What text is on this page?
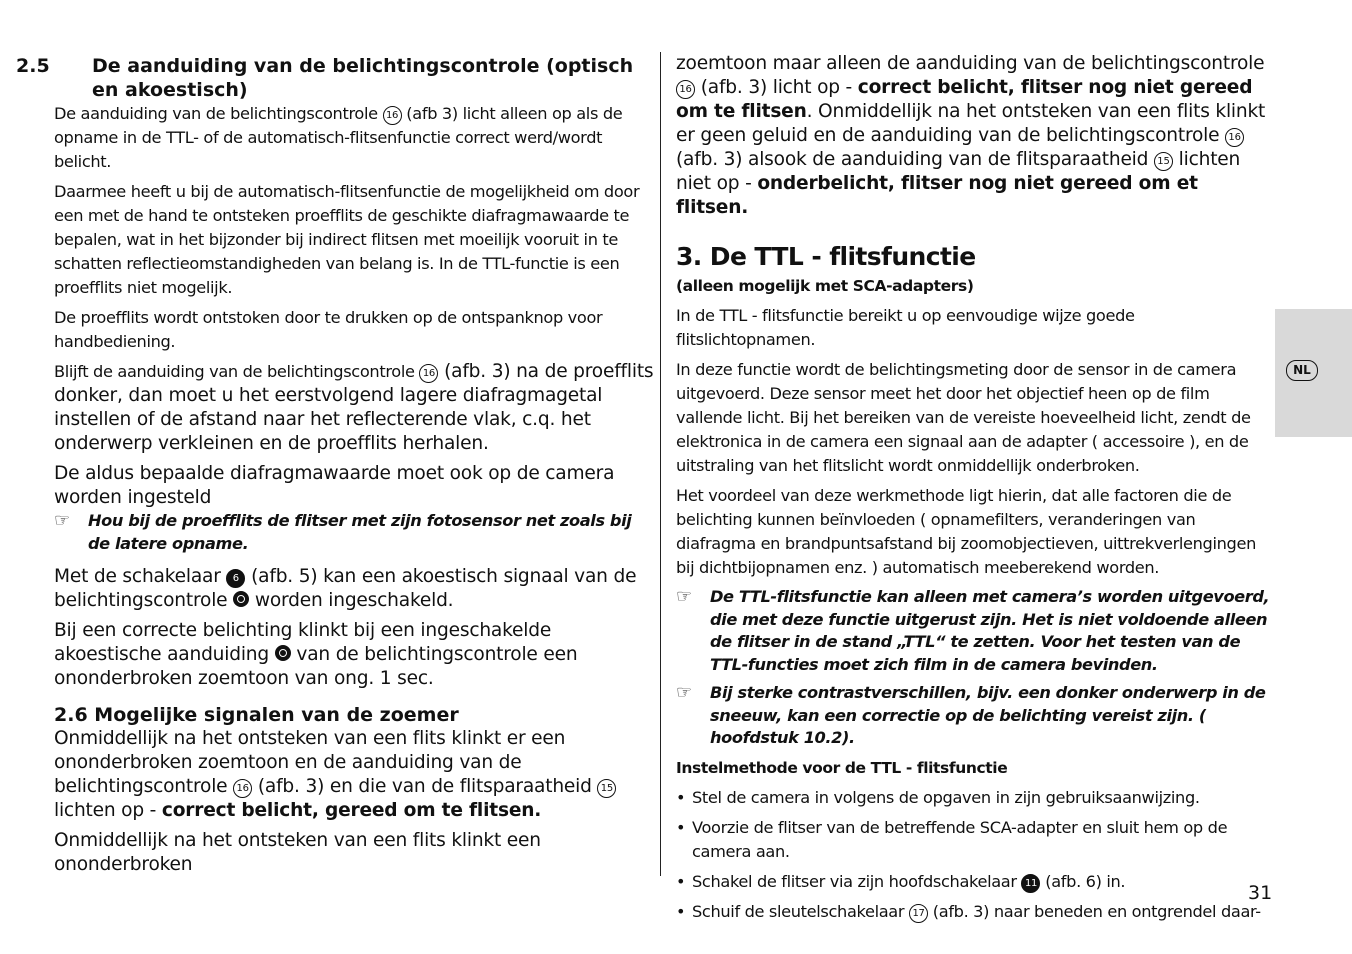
2.5 De aanduiding van de belichtingscontrole (optisch en akoestisch)

De aanduiding van de belichtingscontrole 16 (afb 3) licht alleen op als de opname in de TTL- of de automatisch-flitsenfunctie correct werd/wordt belicht.

Daarmee heeft u bij de automatisch-flitsenfunctie de mogelijkheid om door een met de hand te ontsteken proefflits de geschikte diafragmawaarde te bepalen, wat in het bijzonder bij indirect flitsen met moeilijk vooruit in te schatten reflectieomstandigheden van belang is. In de TTL-functie is een proefflits niet mogelijk.

De proefflits wordt ontstoken door te drukken op de ontspanknop voor handbediening.

Blijft de aanduiding van de belichtingscontrole 16 (afb. 3) na de proefflits

donker, dan moet u het eerstvolgend lagere diafragmagetal instellen of de afstand naar het reflecterende vlak, c.q. het onderwerp verkleinen en de proefflits herhalen.

De aldus bepaalde diafragmawaarde moet ook op de camera worden ingesteld

☞ Hou bij de proefflits de flitser met zijn fotosensor net zoals bij de latere opname.

Met de schakelaar 6 (afb. 5) kan een akoestisch signaal van de belichtingscontrole  worden ingeschakeld.

Bij een correcte belichting klinkt bij een ingeschakelde akoestische aanduiding  van de belichtingscontrole een ononderbroken zoemtoon van ong. 1 sec.

2.6 Mogelijke signalen van de zoemer

Onmiddellijk na het ontsteken van een flits klinkt er een ononderbroken zoemtoon en de aanduiding van de belichtingscontrole 16 (afb. 3) en die van de flitsparaatheid 15 lichten op - correct belicht, gereed om te flitsen.

Onmiddellijk na het ontsteken van een flits klinkt een ononderbroken

zoemtoon maar alleen de aanduiding van de belichtingscontrole 16 (afb. 3) licht op - correct belicht, flitser nog niet gereed om te flitsen. Onmiddellijk na het ontsteken van een flits klinkt er geen geluid en de aanduiding van de belichtingscontrole 16 (afb. 3) alsook de aanduiding van de flitsparaatheid 15 lichten niet op - onderbelicht, flitser nog niet gereed om et flitsen.

3. De TTL - flitsfunctie

(alleen mogelijk met SCA-adapters)

In de TTL - flitsfunctie bereikt u op eenvoudige wijze goede flitslichtopnamen.

In deze functie wordt de belichtingsmeting door de sensor in de camera uitgevoerd. Deze sensor meet het door het objectief heen op de film vallende licht. Bij het bereiken van de vereiste hoeveelheid licht, zendt de elektronica in de camera een signaal aan de adapter ( accessoire ), en de uitstraling van het flitslicht wordt onmiddellijk onderbroken.

Het voordeel van deze werkmethode ligt hierin, dat alle factoren die de belichting kunnen beïnvloeden ( opnamefilters, veranderingen van diafragma en brandpuntsafstand bij zoomobjectieven, uittrekverlengingen bij dichtbijopnamen enz. ) automatisch meeberekend worden.

☞ De TTL-flitsfunctie kan alleen met camera’s worden uitgevoerd, die met deze functie uitgerust zijn. Het is niet voldoende alleen de flitser in de stand „TTL“ te zetten. Voor het testen van de TTL-functies moet zich film in de camera bevinden.

☞ Bij sterke contrastverschillen, bijv. een donker onderwerp in de sneeuw, kan een correctie op de belichting vereist zijn. ( hoofdstuk 10.2).

Instelmethode voor de TTL - flitsfunctie

• Stel de camera in volgens de opgaven in zijn gebruiksaanwijzing.

• Voorzie de flitser van de betreffende SCA-adapter en sluit hem op de camera aan.

• Schakel de flitser via zijn hoofdschakelaar 11 (afb. 6) in.

• Schuif de sleutelschakelaar 17 (afb. 3) naar beneden en ontgrendel daar-

NL
31
